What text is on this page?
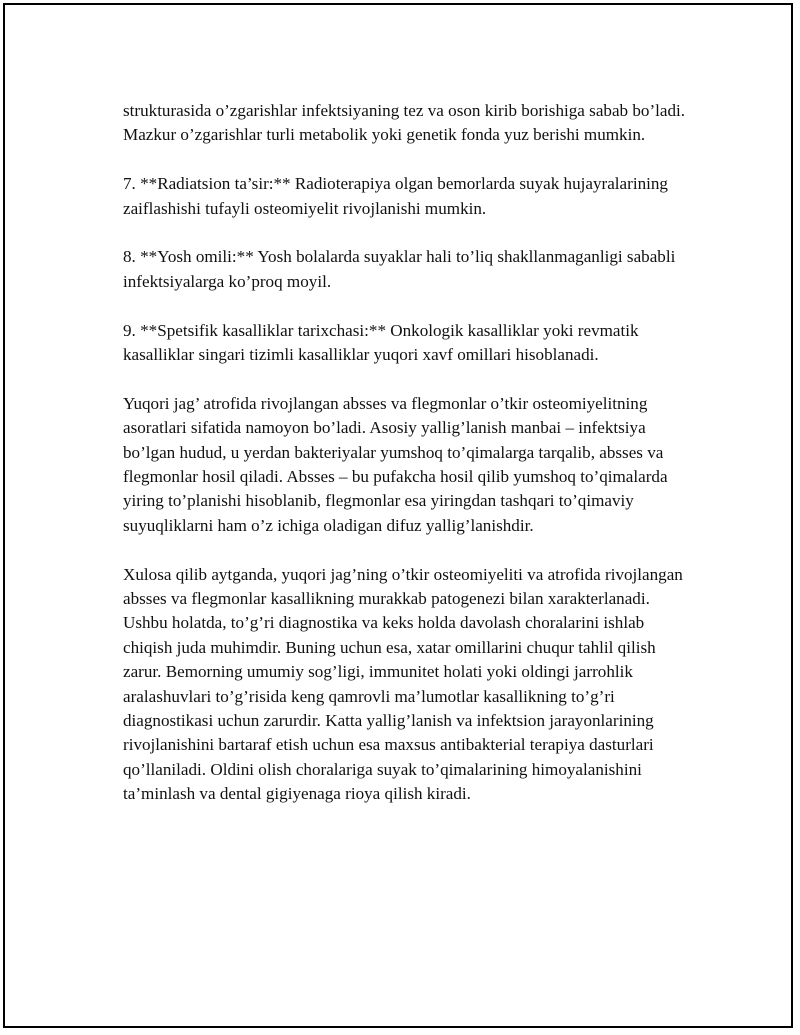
strukturasida o’zgarishlar infektsiyaning tez va oson kirib borishiga sabab bo’ladi. Mazkur o’zgarishlar turli metabolik yoki genetik fonda yuz berishi mumkin.

7. **Radiatsion ta’sir:** Radioterapiya olgan bemorlarda suyak hujayralarining zaiflashishi tufayli osteomiyelit rivojlanishi mumkin.

8. **Yosh omili:** Yosh bolalarda suyaklar hali to’liq shakllanmaganligi sababli infektsiyalarga ko’proq moyil.

9. **Spetsifik kasalliklar tarixchasi:** Onkologik kasalliklar yoki revmatik kasalliklar singari tizimli kasalliklar yuqori xavf omillari hisoblanadi.

Yuqori jag’ atrofida rivojlangan absses va flegmonlar o’tkir osteomiyelitning asoratlari sifatida namoyon bo’ladi. Asosiy yallig’lanish manbai – infektsiya bo’lgan hudud, u yerdan bakteriyalar yumshoq to’qimalarga tarqalib, absses va flegmonlar hosil qiladi. Absses – bu pufakcha hosil qilib yumshoq to’qimalarda yiring to’planishi hisoblanib, flegmonlar esa yiringdan tashqari to’qimaviy suyuqliklarni ham o’z ichiga oladigan difuz yallig’lanishdir.

Xulosa qilib aytganda, yuqori jag’ning o’tkir osteomiyeliti va atrofida rivojlangan absses va flegmonlar kasallikning murakkab patogenezi bilan xarakterlanadi. Ushbu holatda, to’g’ri diagnostika va keks holda davolash choralarini ishlab chiqish juda muhimdir. Buning uchun esa, xatar omillarini chuqur tahlil qilish zarur. Bemorning umumiy sog’ligi, immunitet holati yoki oldingi jarrohlik aralashuvlari to’g’risida keng qamrovli ma’lumotlar kasallikning to’g’ri diagnostikasi uchun zarurdir. Katta yallig’lanish va infektsion jarayonlarining rivojlanishini bartaraf etish uchun esa maxsus antibakterial terapiya dasturlari qo’llaniladi. Oldini olish choralariga suyak to’qimalarining himoyalanishini ta’minlash va dental gigiyenaga rioya qilish kiradi.
